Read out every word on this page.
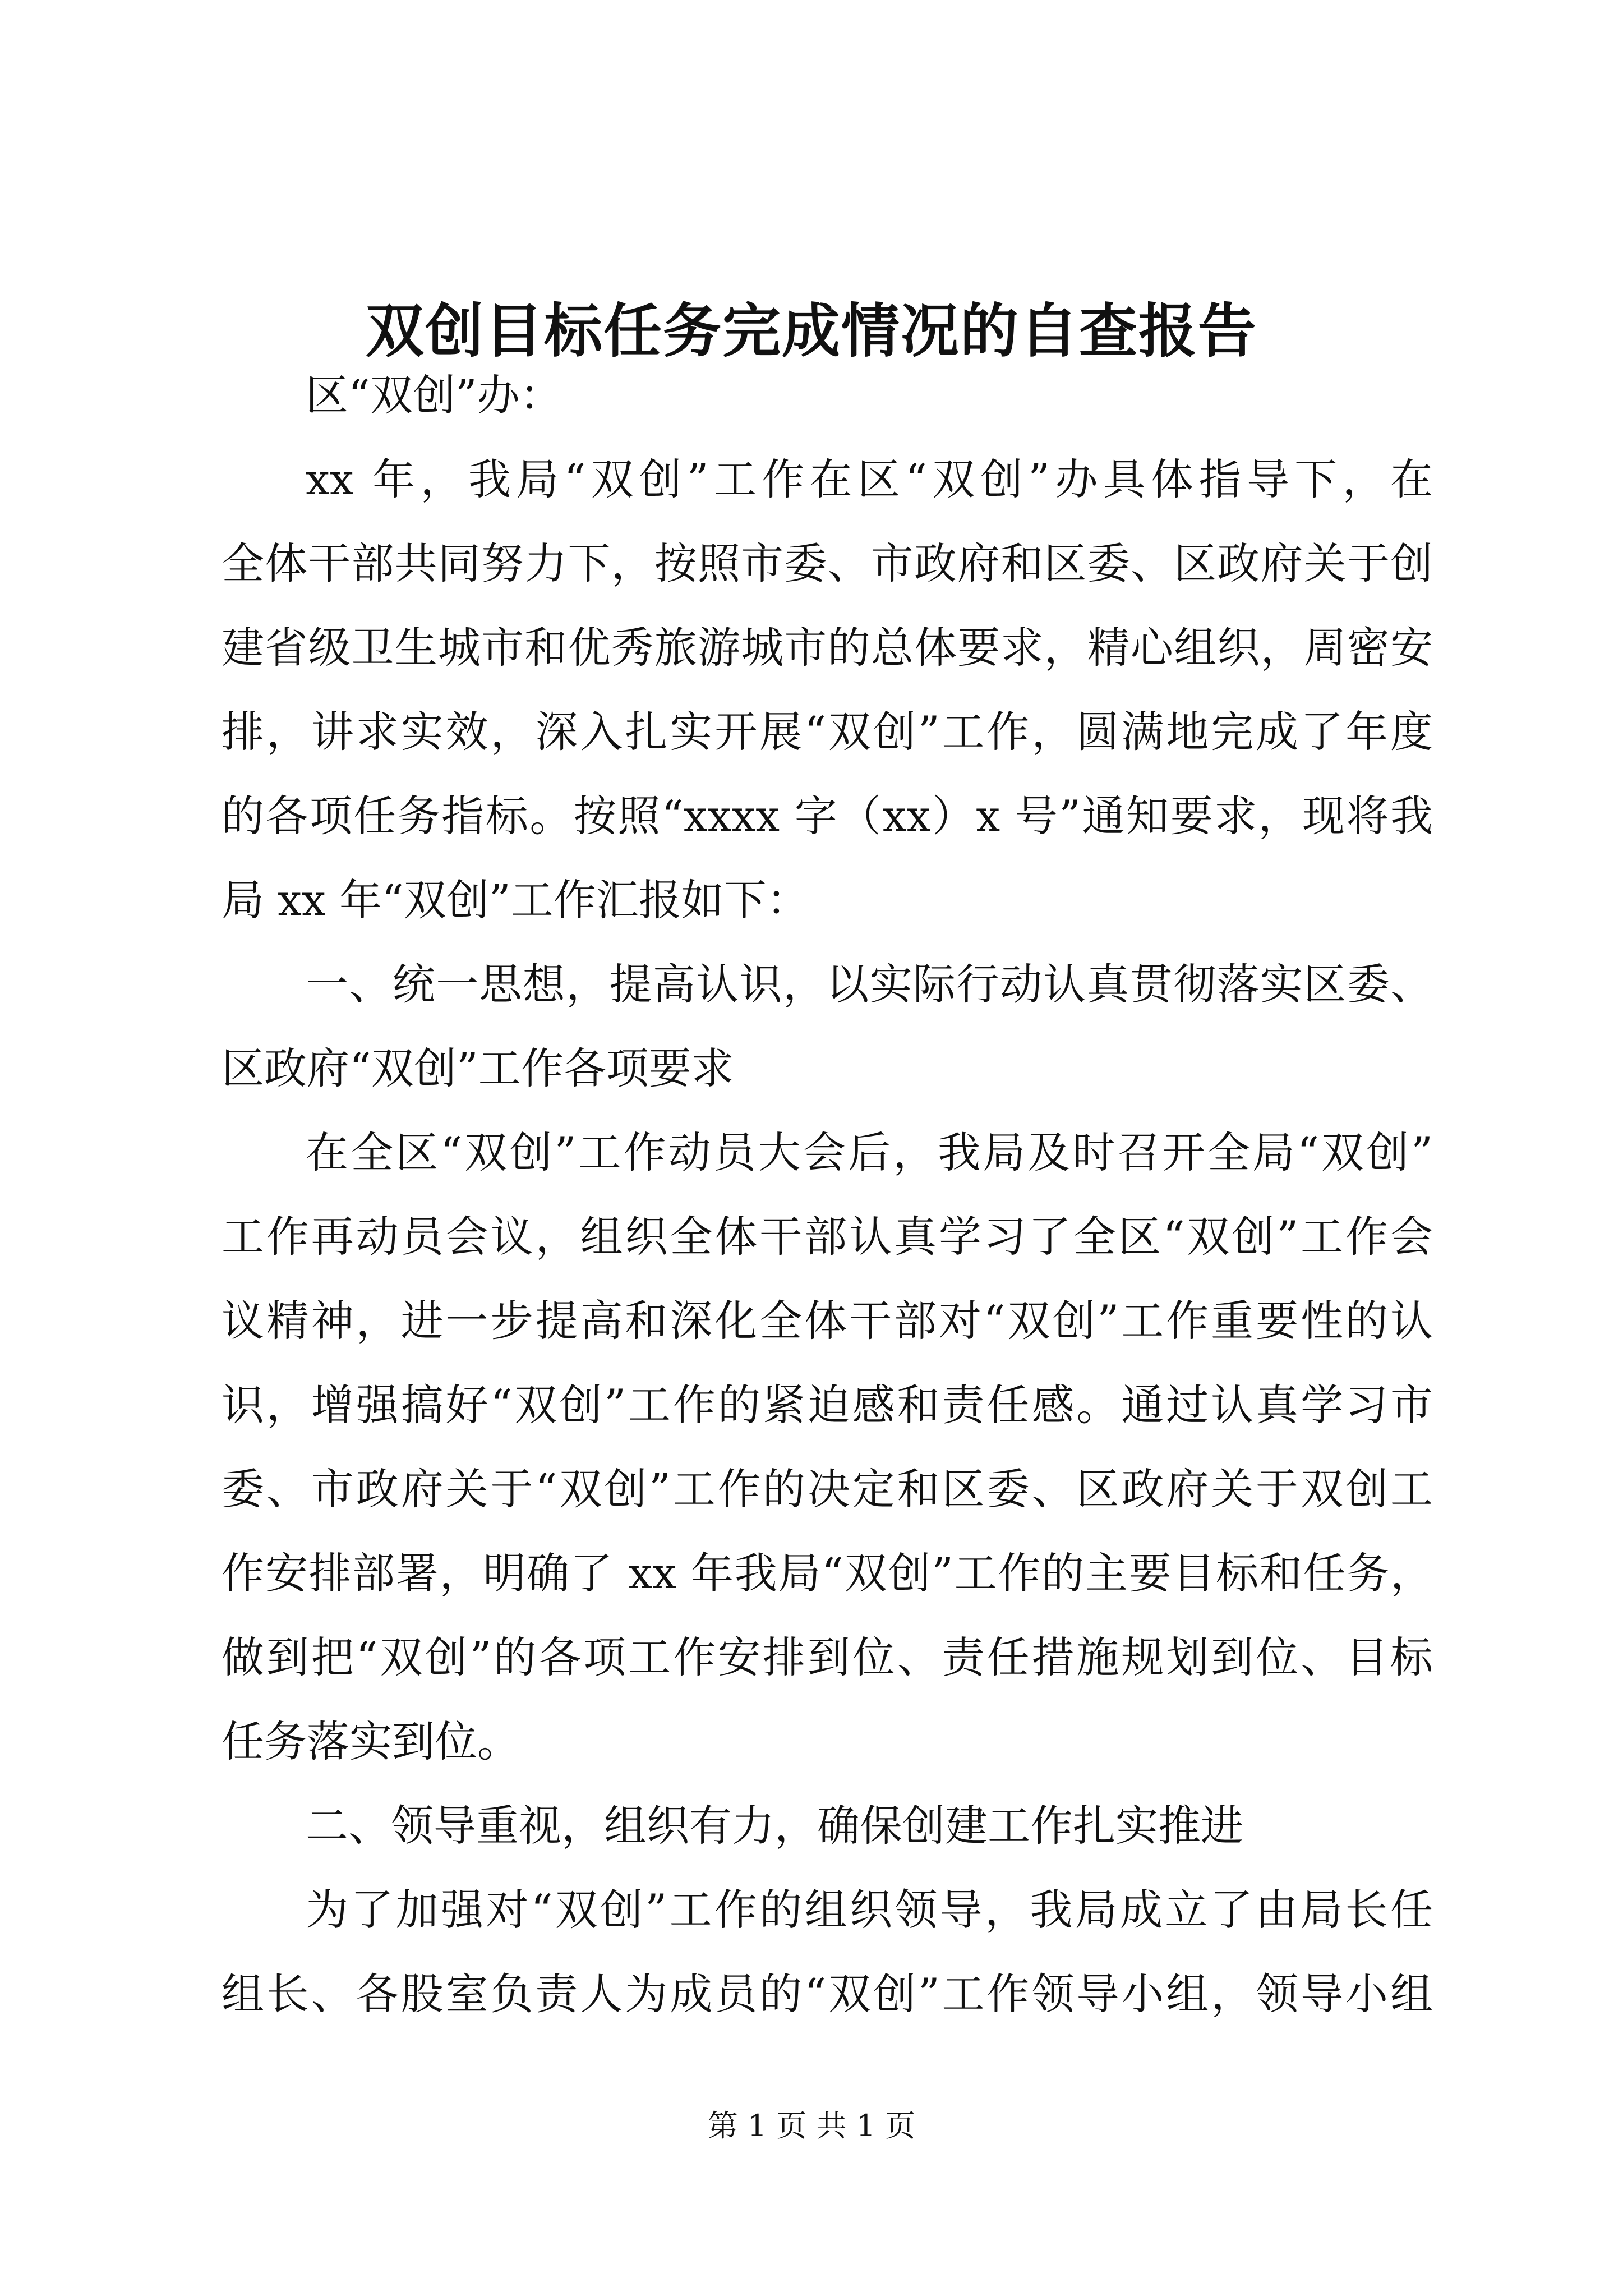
双创目标任务完成情况的自查报告
区“双创”办：
xx 年，我局“双创”工作在区“双创”办具体指导下，在
全体干部共同努力下，按照市委、市政府和区委、区政府关于创
建省级卫生城市和优秀旅游城市的总体要求，精心组织，周密安
排，讲求实效，深入扎实开展“双创”工作，圆满地完成了年度
的各项任务指标。按照“xxxx 字（xx）x 号”通知要求，现将我
局 xx 年“双创”工作汇报如下：
一、统一思想，提高认识，以实际行动认真贯彻落实区委、
区政府“双创”工作各项要求
在全区“双创”工作动员大会后，我局及时召开全局“双创”
工作再动员会议，组织全体干部认真学习了全区“双创”工作会
议精神，进一步提高和深化全体干部对“双创”工作重要性的认
识，增强搞好“双创”工作的紧迫感和责任感。通过认真学习市
委、市政府关于“双创”工作的决定和区委、区政府关于双创工
作安排部署，明确了 xx 年我局“双创”工作的主要目标和任务，
做到把“双创”的各项工作安排到位、责任措施规划到位、目标
任务落实到位。
二、领导重视，组织有力，确保创建工作扎实推进
为了加强对“双创”工作的组织领导，我局成立了由局长任
组长、各股室负责人为成员的“双创”工作领导小组，领导小组
第 1 页 共 1 页
